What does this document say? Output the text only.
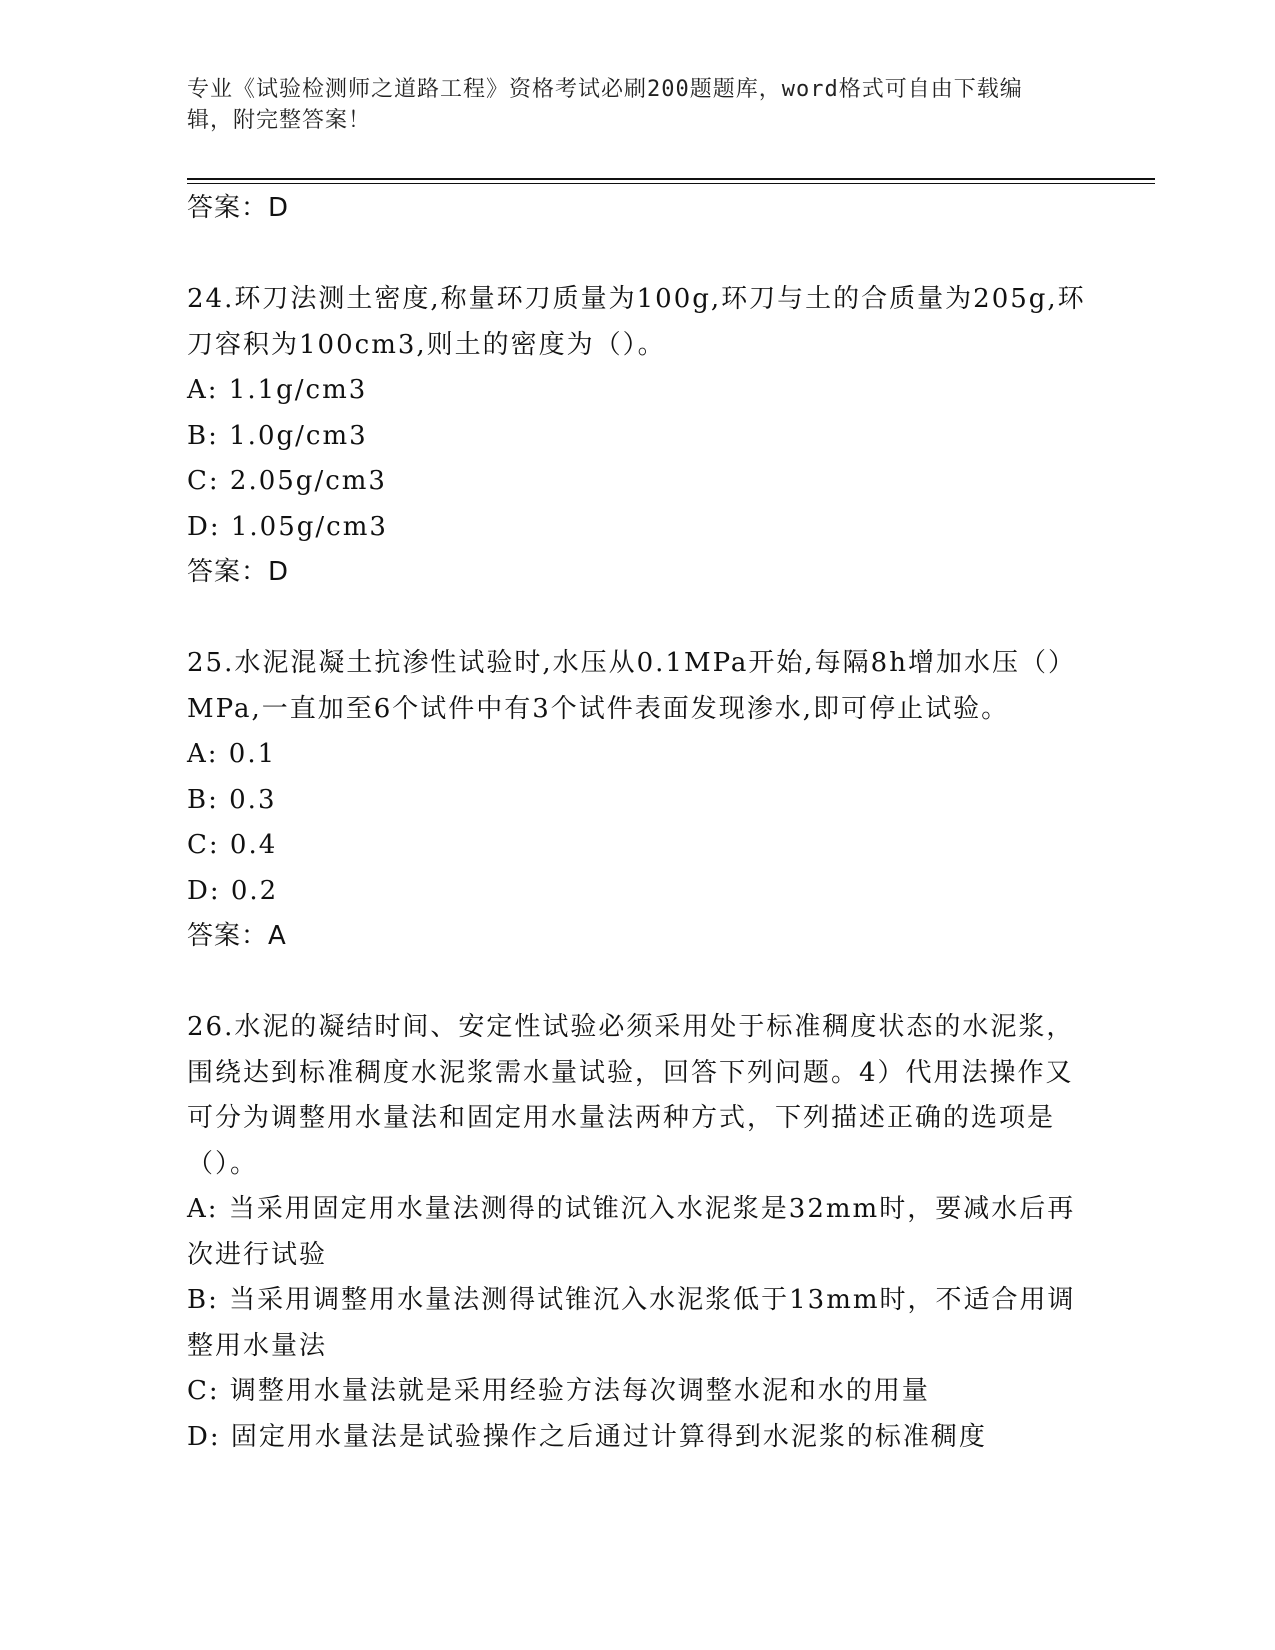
专业《试验检测师之道路工程》资格考试必刷200题题库，word格式可自由下载编辑，附完整答案！
答案：D
24.环刀法测土密度,称量环刀质量为100g,环刀与土的合质量为205g,环刀容积为100cm3,则土的密度为（）。
A: 1.1g/cm3
B: 1.0g/cm3
C: 2.05g/cm3
D: 1.05g/cm3
答案：D
25.水泥混凝土抗渗性试验时,水压从0.1MPa开始,每隔8h增加水压（）MPa,一直加至6个试件中有3个试件表面发现渗水,即可停止试验。
A: 0.1
B: 0.3
C: 0.4
D: 0.2
答案：A
26.水泥的凝结时间、安定性试验必须采用处于标准稠度状态的水泥浆，围绕达到标准稠度水泥浆需水量试验，回答下列问题。4）代用法操作又可分为调整用水量法和固定用水量法两种方式，下列描述正确的选项是（）。
A: 当采用固定用水量法测得的试锥沉入水泥浆是32mm时，要减水后再次进行试验
B: 当采用调整用水量法测得试锥沉入水泥浆低于13mm时，不适合用调整用水量法
C: 调整用水量法就是采用经验方法每次调整水泥和水的用量
D: 固定用水量法是试验操作之后通过计算得到水泥浆的标准稠度
